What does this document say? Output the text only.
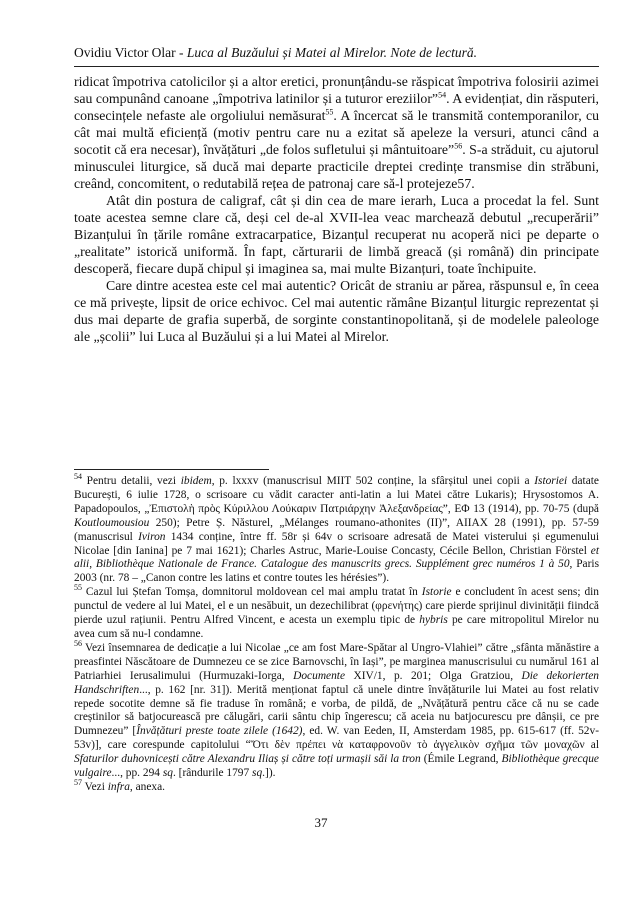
Ovidiu Victor Olar - Luca al Buzăului și Matei al Mirelor. Note de lectură.

ridicat împotriva catolicilor și a altor eretici, pronunțându-se răspicat împotriva folosirii azimei sau compunând canoane „împotriva latinilor și a tuturor ereziilor”$^{54}$. A evidențiat, din răsputeri, consecințele nefaste ale orgoliului nemăsurat$^{55}$. A încercat să le transmită contemporanilor, cu cât mai multă eficiență (motiv pentru care nu a ezitat să apeleze la versuri, atunci când a socotit că era necesar), învățături „de folos sufletului și mântuitoare”$^{56}$. S-a străduit, cu ajutorul minusculei liturgice, să ducă mai departe practicile dreptei credințe transmise din străbuni, creând, concomitent, o redutabilă rețea de patronaj care să-l protejeze57.

Atât din postura de caligraf, cât și din cea de mare ierarh, Luca a procedat la fel. Sunt toate acestea semne clare că, deși cel de-al XVII-lea veac marchează debutul „recuperării” Bizanțului în țările române extracarpatice, Bizanțul recuperat nu acoperă nici pe departe o „realitate” istorică uniformă. În fapt, cărturarii de limbă greacă (și română) din principate descoperă, fiecare după chipul și imaginea sa, mai multe Bizanțuri, toate închipuite.

Care dintre acestea este cel mai autentic? Oricât de straniu ar părea, răspunsul e, în ceea ce mă privește, lipsit de orice echivoc. Cel mai autentic rămâne Bizanțul liturgic reprezentat și dus mai departe de grafia superbă, de sorginte constantinopolitană, și de modelele paleologe ale „școlii” lui Luca al Buzăului și a lui Matei al Mirelor.

$^{54}$ Pentru detalii, vezi ibidem, p. lxxxv (manuscrisul MIIT 502 conține, la sfârșitul unei copii a Istoriei datate București, 6 iulie 1728, o scrisoare cu vădit caracter anti-latin a lui Matei către Lukaris); Hrysostomos A. Papadopoulos, „Ἐπιστολὴ πρὸς Κύριλλου Λούκαριν Πατριάρχην Ἀλεξανδρείας”, ΕΦ 13 (1914), pp. 70-75 (după Koutloumousiou 250); Petre Ș. Năsturel, „Mélanges roumano-athonites (II)”, AIIAX 28 (1991), pp. 57-59 (manuscrisul Iviron 1434 conține, între ff. 58r și 64v o scrisoare adresată de Matei visterului și egumenului Nicolae [din Ianina] pe 7 mai 1621); Charles Astruc, Marie-Louise Concasty, Cécile Bellon, Christian Förstel et alii, Bibliothèque Nationale de France. Catalogue des manuscrits grecs. Supplément grec numéros 1 à 50, Paris 2003 (nr. 78 – „Canon contre les latins et contre toutes les hérésies”).

$^{55}$ Cazul lui Ștefan Tomșa, domnitorul moldovean cel mai amplu tratat în Istorie e concludent în acest sens; din punctul de vedere al lui Matei, el e un nesăbuit, un dezechilibrat (φρενήτης) care pierde sprijinul divinității fiindcă pierde uzul rațiunii. Pentru Alfred Vincent, e acesta un exemplu tipic de hybris pe care mitropolitul Mirelor nu avea cum să nu-l condamne.

$^{56}$ Vezi însemnarea de dedicație a lui Nicolae „ce am fost Mare-Spătar al Ungro-Vlahiei” către „sfânta mănăstire a preasfintei Născătoare de Dumnezeu ce se zice Barnovschi, în Iași”, pe marginea manuscrisului cu numărul 161 al Patriarhiei Ierusalimului (Hurmuzaki-Iorga, Documente XIV/1, p. 201; Olga Gratziou, Die dekorierten Handschriften..., p. 162 [nr. 31]). Merită menționat faptul că unele dintre învățăturile lui Matei au fost relativ repede socotite demne să fie traduse în română; e vorba, de pildă, de „Nvățătură pentru căce că nu se cade creștinilor să batjocurească pre călugări, carii sântu chip îngerescu; că aceia nu batjocurescu pre dânșii, ce pre Dumnezeu” [Învățături preste toate zilele (1642), ed. W. van Eeden, II, Amsterdam 1985, pp. 615-617 (ff. 52v-53v)], care corespunde capitolului “Ὅτι δὲν πρέπει νὰ καταφρονοῦν τὸ ἀγγελικὸν σχῆμα τῶν μοναχῶν al Sfaturilor duhovnicești către Alexandru Iliaș și către toți urmașii săi la tron (Émile Legrand, Bibliothèque grecque vulgaire..., pp. 294 sq. [rândurile 1797 sq.]).

$^{57}$ Vezi infra, anexa.

37
